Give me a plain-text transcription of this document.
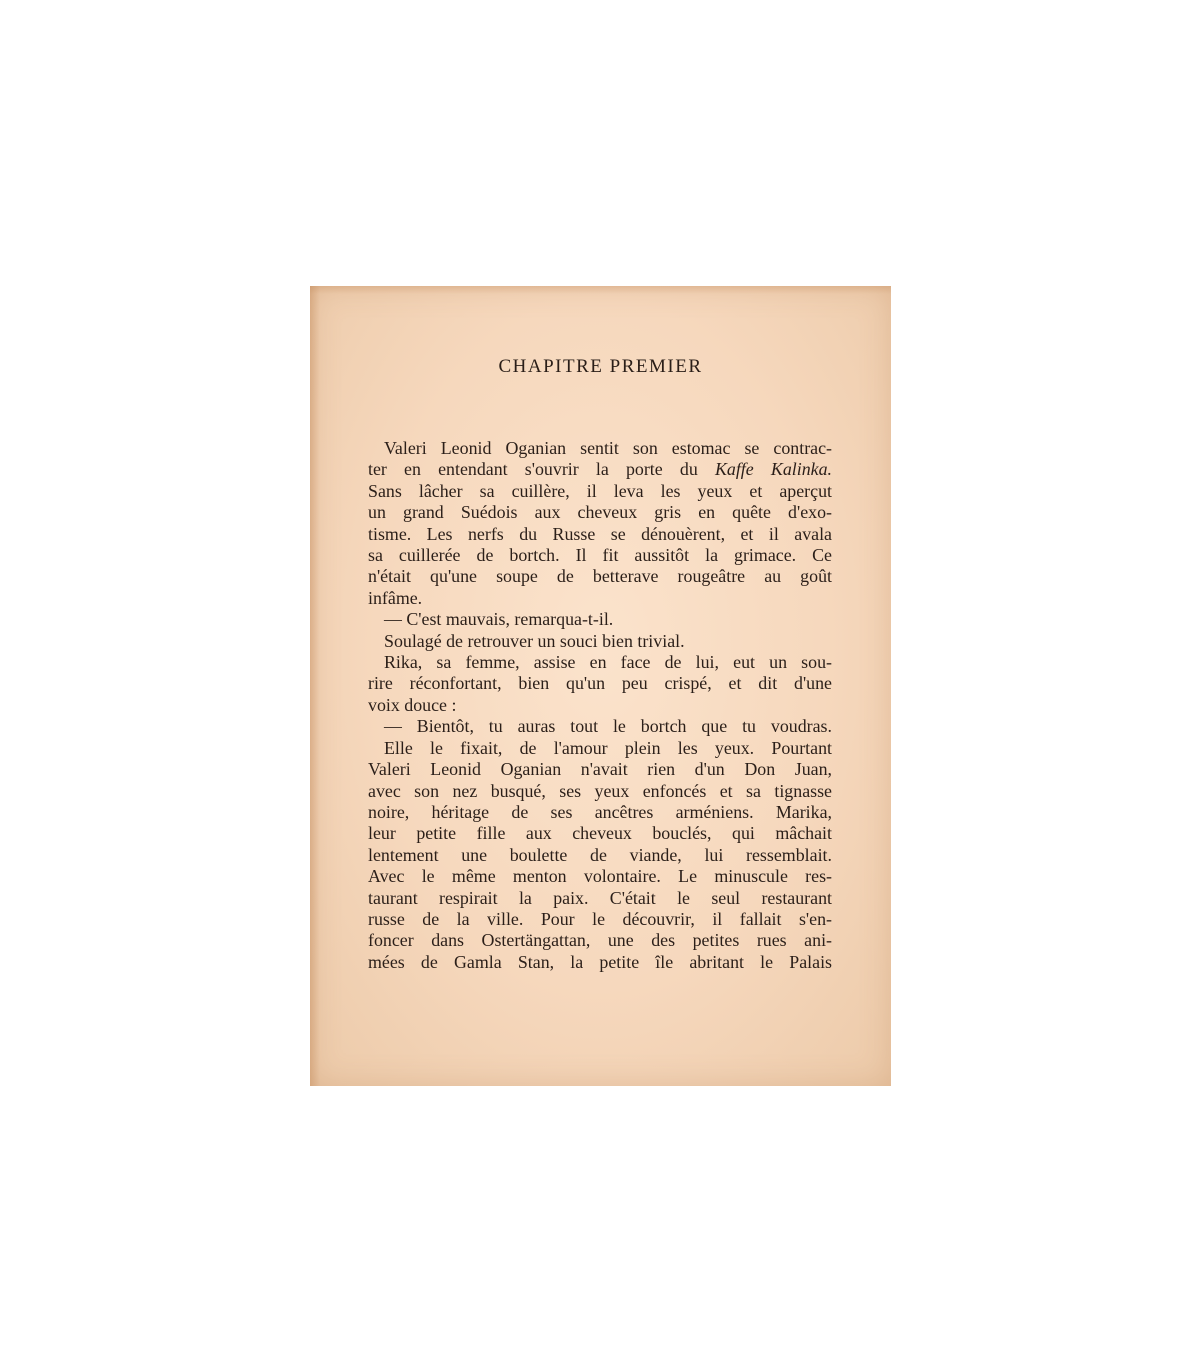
CHAPITRE PREMIER
Valeri Leonid Oganian sentit son estomac se contrac-
ter en entendant s'ouvrir la porte du Kaffe Kalinka.
Sans lâcher sa cuillère, il leva les yeux et aperçut
un grand Suédois aux cheveux gris en quête d'exo-
tisme. Les nerfs du Russe se dénouèrent, et il avala
sa cuillerée de bortch. Il fit aussitôt la grimace. Ce
n'était qu'une soupe de betterave rougeâtre au goût
infâme.
— C'est mauvais, remarqua-t-il.
Soulagé de retrouver un souci bien trivial.
Rika, sa femme, assise en face de lui, eut un sou-
rire réconfortant, bien qu'un peu crispé, et dit d'une
voix douce :
— Bientôt, tu auras tout le bortch que tu voudras.
Elle le fixait, de l'amour plein les yeux. Pourtant
Valeri Leonid Oganian n'avait rien d'un Don Juan,
avec son nez busqué, ses yeux enfoncés et sa tignasse
noire, héritage de ses ancêtres arméniens. Marika,
leur petite fille aux cheveux bouclés, qui mâchait
lentement une boulette de viande, lui ressemblait.
Avec le même menton volontaire. Le minuscule res-
taurant respirait la paix. C'était le seul restaurant
russe de la ville. Pour le découvrir, il fallait s'en-
foncer dans Ostertängattan, une des petites rues ani-
mées de Gamla Stan, la petite île abritant le Palais
